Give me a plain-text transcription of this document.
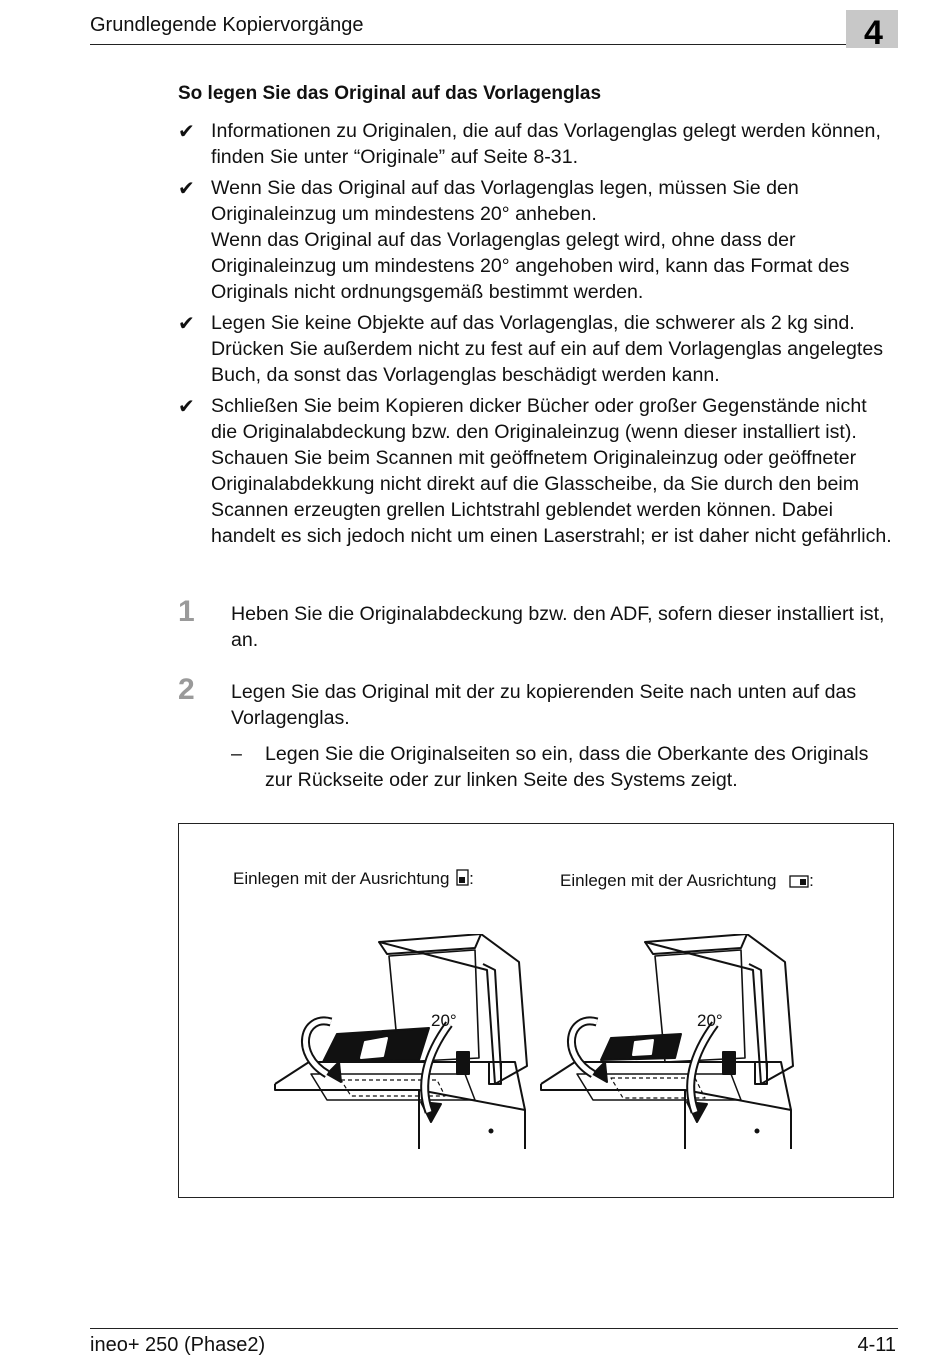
Grundlegende Kopiervorgänge	4
So legen Sie das Original auf das Vorlagenglas
✔ Informationen zu Originalen, die auf das Vorlagenglas gelegt werden können, finden Sie unter “Originale” auf Seite 8-31.

✔ Wenn Sie das Original auf das Vorlagenglas legen, müssen Sie den Originaleinzug um mindestens 20° anheben.

Wenn das Original auf das Vorlagenglas gelegt wird, ohne dass der Originaleinzug um mindestens 20° angehoben wird, kann das Format des Originals nicht ordnungsgemäß bestimmt werden.

✔ Legen Sie keine Objekte auf das Vorlagenglas, die schwerer als 2 kg sind. Drücken Sie außerdem nicht zu fest auf ein auf dem Vorlagenglas angelegtes Buch, da sonst das Vorlagenglas beschädigt werden kann.

✔ Schließen Sie beim Kopieren dicker Bücher oder großer Gegenstände nicht die Originalabdeckung bzw. den Originaleinzug (wenn dieser installiert ist). Schauen Sie beim Scannen mit geöffnetem Originaleinzug oder geöffneter Originalabdekkung nicht direkt auf die Glasscheibe, da Sie durch den beim Scannen erzeugten grellen Lichtstrahl geblendet werden können. Dabei handelt es sich jedoch nicht um einen Laserstrahl; er ist daher nicht gefährlich.

1 Heben Sie die Originalabdeckung bzw. den ADF, sofern dieser installiert ist, an.
2 Legen Sie das Original mit der zu kopierenden Seite nach unten auf das Vorlagenglas.
– Legen Sie die Originalseiten so ein, dass die Oberkante des Originals zur Rückseite oder zur linken Seite des Systems zeigt.
Einlegen mit der Ausrichtung :	Einlegen mit der Ausrichtung :
20°	20°
ineo+ 250 (Phase2)	4-11
